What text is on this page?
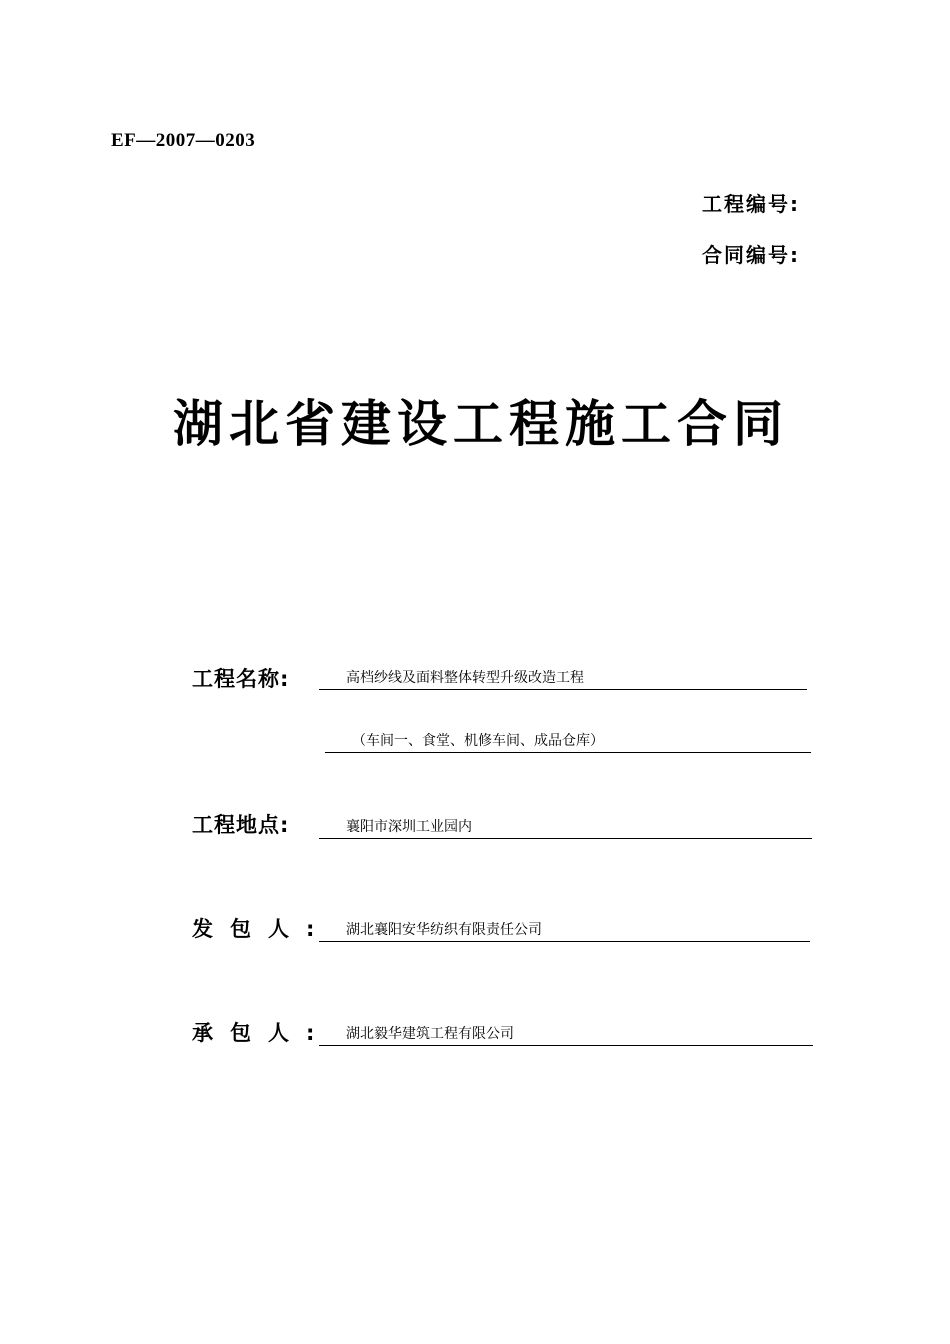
EF—2007—0203
工程编号:
合同编号:
湖北省建设工程施工合同
工程名称:	高档纱线及面料整体转型升级改造工程
（车间一、食堂、机修车间、成品仓库）
工程地点:	襄阳市深圳工业园内
发包人:	湖北襄阳安华纺织有限责任公司
承包人:	湖北毅华建筑工程有限公司
